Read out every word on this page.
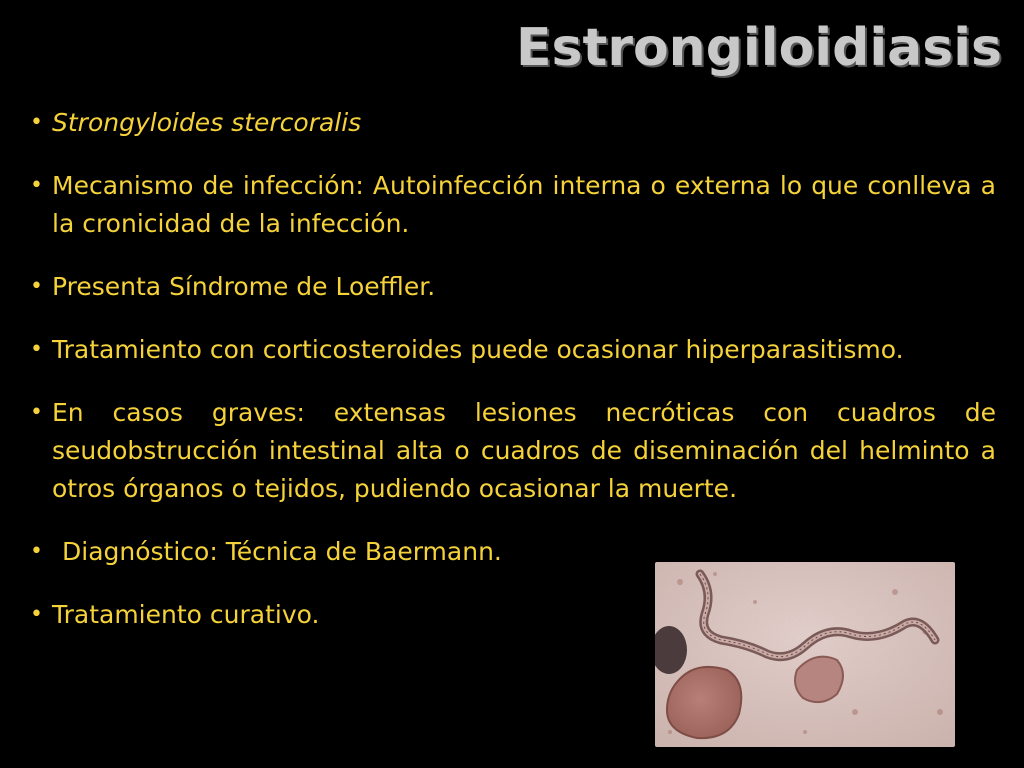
Estrongiloidiasis
• Strongyloides stercoralis
• Mecanismo de infección: Autoinfección interna o externa lo que conlleva a la cronicidad de la infección.
• Presenta Síndrome de Loeffler.
• Tratamiento con corticosteroides puede ocasionar hiperparasitismo.
• En casos graves: extensas lesiones necróticas con cuadros de seudobstrucción intestinal alta o cuadros de diseminación del helminto a otros órganos o tejidos, pudiendo ocasionar la muerte.
• Diagnóstico: Técnica de Baermann.
• Tratamiento curativo.
